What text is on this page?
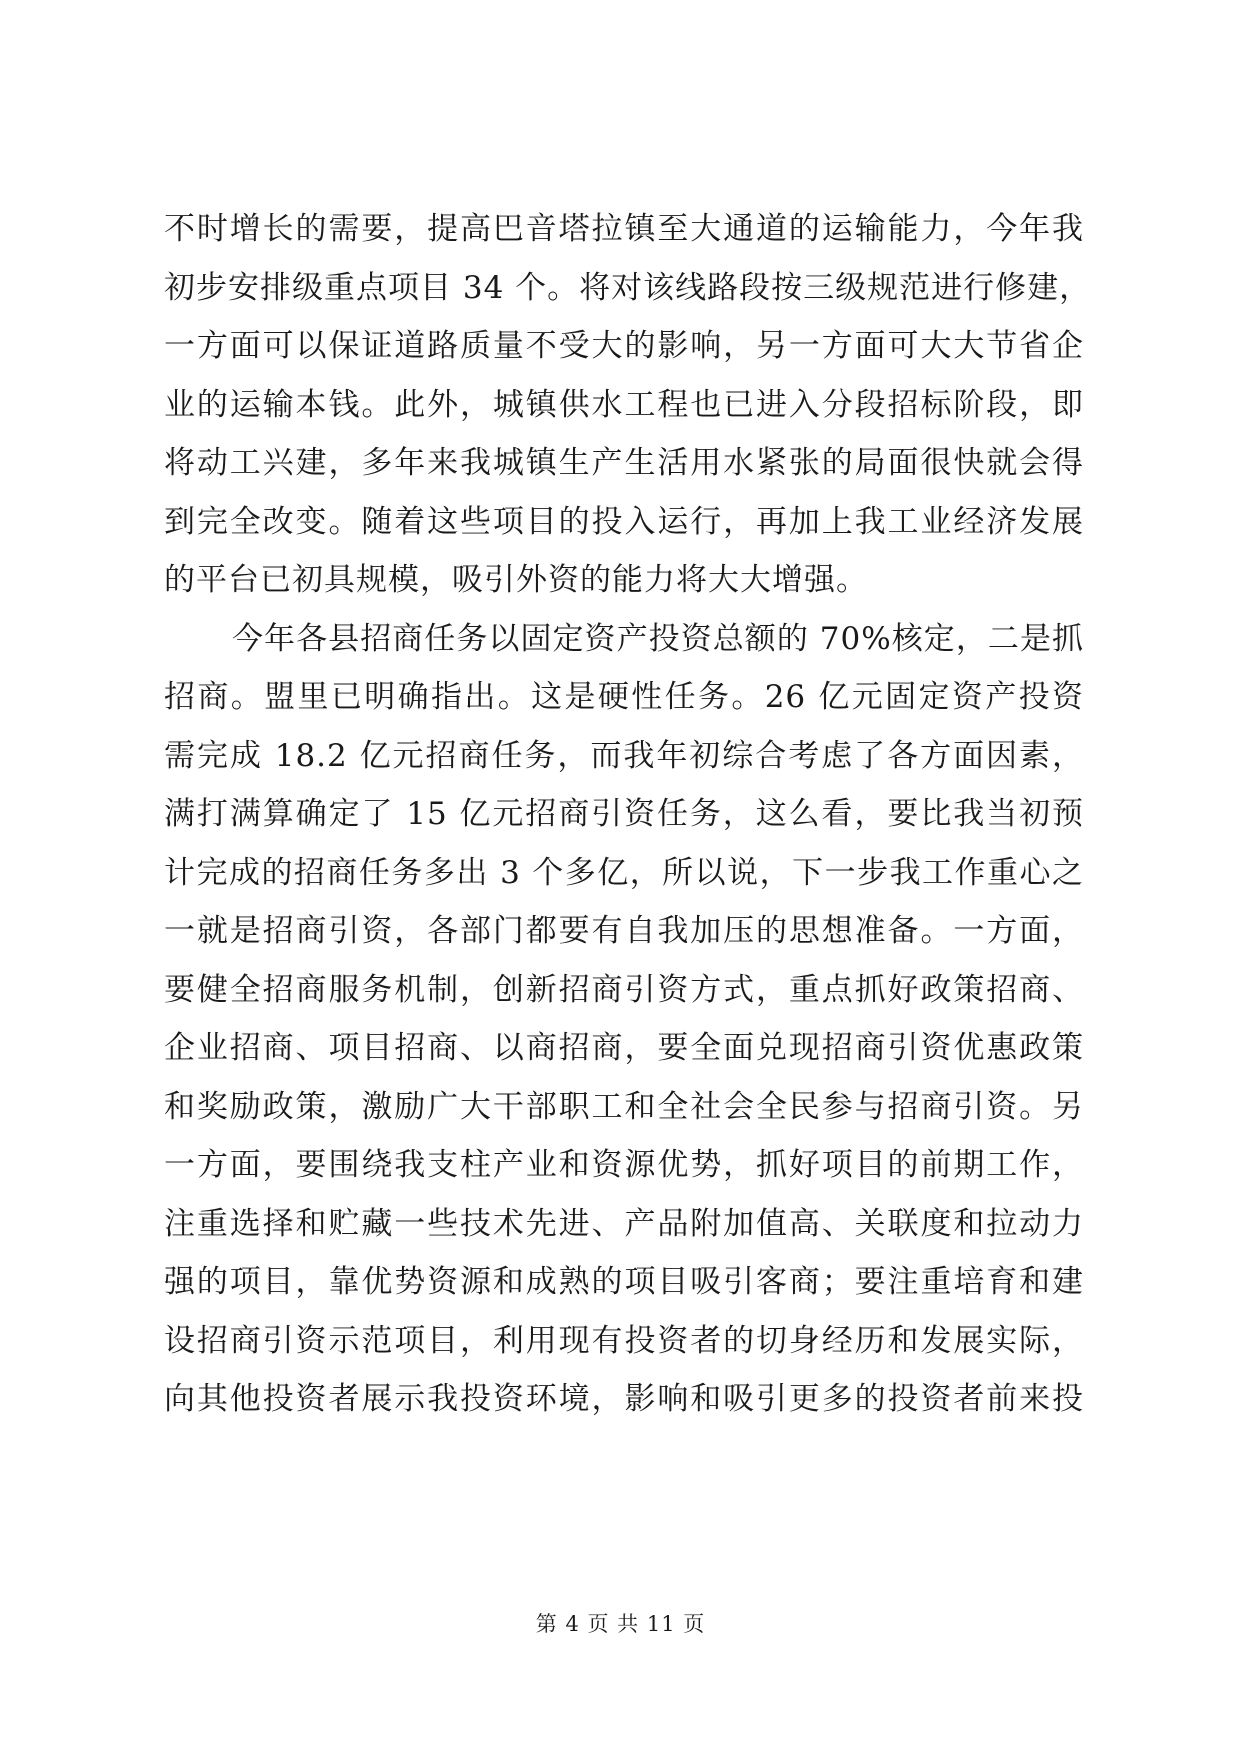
不时增长的需要，提高巴音塔拉镇至大通道的运输能力，今年我
初步安排级重点项目 34 个。将对该线路段按三级规范进行修建，
一方面可以保证道路质量不受大的影响，另一方面可大大节省企
业的运输本钱。此外，城镇供水工程也已进入分段招标阶段，即
将动工兴建，多年来我城镇生产生活用水紧张的局面很快就会得
到完全改变。随着这些项目的投入运行，再加上我工业经济发展
的平台已初具规模，吸引外资的能力将大大增强。
今年各县招商任务以固定资产投资总额的 70%核定，二是抓
招商。盟里已明确指出。这是硬性任务。26 亿元固定资产投资
需完成 18.2 亿元招商任务，而我年初综合考虑了各方面因素，
满打满算确定了 15 亿元招商引资任务，这么看，要比我当初预
计完成的招商任务多出 3 个多亿，所以说，下一步我工作重心之
一就是招商引资，各部门都要有自我加压的思想准备。一方面，
要健全招商服务机制，创新招商引资方式，重点抓好政策招商、
企业招商、项目招商、以商招商，要全面兑现招商引资优惠政策
和奖励政策，激励广大干部职工和全社会全民参与招商引资。另
一方面，要围绕我支柱产业和资源优势，抓好项目的前期工作，
注重选择和贮藏一些技术先进、产品附加值高、关联度和拉动力
强的项目，靠优势资源和成熟的项目吸引客商；要注重培育和建
设招商引资示范项目，利用现有投资者的切身经历和发展实际，
向其他投资者展示我投资环境，影响和吸引更多的投资者前来投
第 4 页 共 11 页
